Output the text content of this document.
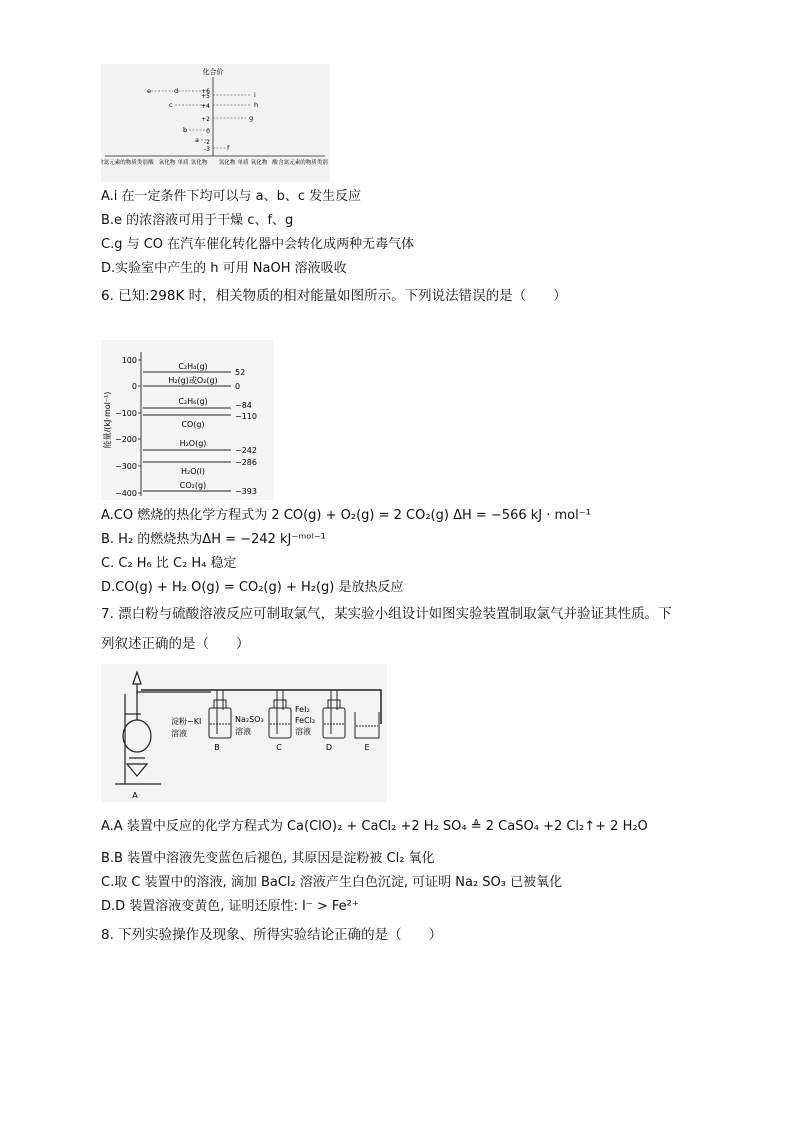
化合价
+6
+5
+4
+2
0
-2
-3
e	d	i
c	h
g
b
a
f
含氮元素的物质类别 酸 氧化物 单质 氢化物 氢化物 单质 氧化物 酸 含氮元素的物质类别
A.i 在一定条件下均可以与 a、b、c 发生反应
B.e 的浓溶液可用于干燥 c、f、g
C.g 与 CO 在汽车催化转化器中会转化成两种无毒气体
D.实验室中产生的 h 可用 NaOH 溶液吸收
6. 已知:298K 时，相关物质的相对能量如图所示。下列说法错误的是（　　）
能量/(kJ·mol⁻¹)
100
0
−100
−200
−300
−400
C₂H₄(g)
H₂(g)或O₂(g)
C₂H₆(g)
CO(g)
H₂O(g)
H₂O(l)
CO₂(g)
52
0
−84
−110
−242
−286
−393
A.CO 燃烧的热化学方程式为 2 CO(g) + O₂(g) = 2 CO₂(g) ΔH = −566 kJ · mol⁻¹
B. H₂ 的燃烧热为ΔH = −242 kJ⁻ᵐᵒˡ⁻¹
C. C₂ H₆ 比 C₂ H₄ 稳定
D.CO(g) + H₂ O(g) = CO₂(g) + H₂(g) 是放热反应
7. 漂白粉与硫酸溶液反应可制取氯气，某实验小组设计如图实验装置制取氯气并验证其性质。下
列叙述正确的是（　　）
A
淀粉−KI
溶液
B
Na₂SO₃
溶液
C
FeI₂
FeCl₂
溶液
D	E
A.A 装置中反应的化学方程式为 Ca(ClO)₂ + CaCl₂ +2 H₂ SO₄ ≜ 2 CaSO₄ +2 Cl₂↑+ 2 H₂O
B.B 装置中溶液先变蓝色后褪色, 其原因是淀粉被 Cl₂ 氧化
C.取 C 装置中的溶液, 滴加 BaCl₂ 溶液产生白色沉淀, 可证明 Na₂ SO₃ 已被氧化
D.D 装置溶液变黄色, 证明还原性: I⁻ > Fe²⁺
8. 下列实验操作及现象、所得实验结论正确的是（　　）
